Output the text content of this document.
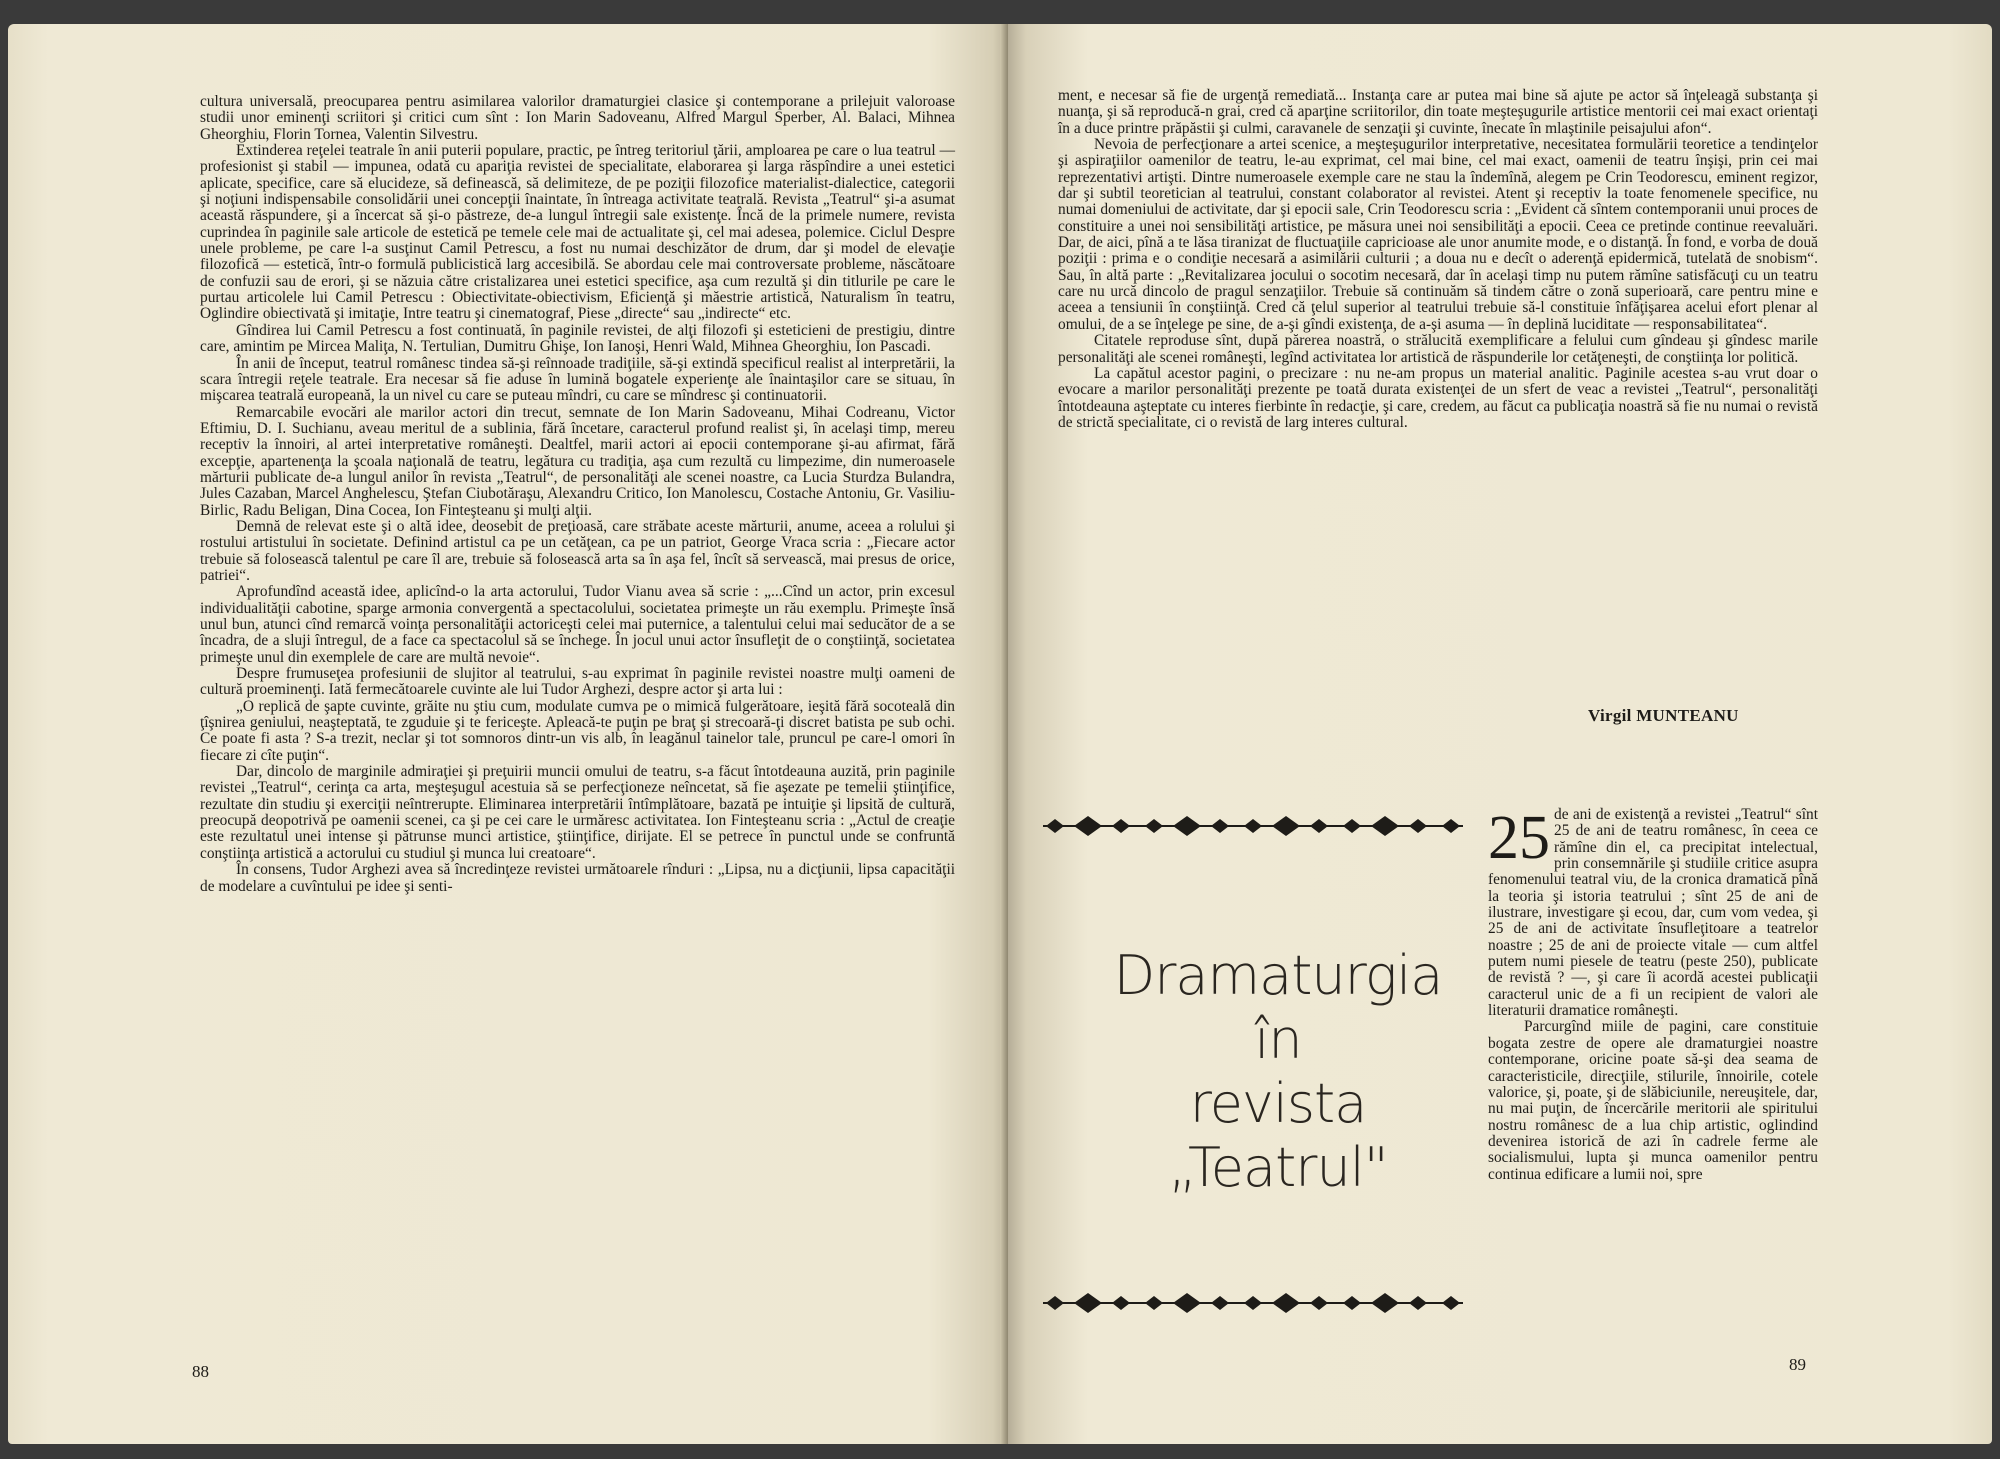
cultura universală, preocuparea pentru asimilarea valorilor dramaturgiei clasice şi contemporane a prilejuit valoroase studii unor eminenţi scriitori şi critici cum sînt : Ion Marin Sadoveanu, Alfred Margul Sperber, Al. Balaci, Mihnea Gheorghiu, Florin Tornea, Valentin Silvestru.

Extinderea reţelei teatrale în anii puterii populare, practic, pe întreg teritoriul ţării, amploarea pe care o lua teatrul — profesionist şi stabil — impunea, odată cu apariţia revistei de specialitate, elaborarea şi larga răspîndire a unei estetici aplicate, specifice, care să elucideze, să definească, să delimiteze, de pe poziţii filozofice materialist-dialectice, categorii şi noţiuni indispensabile consolidării unei concepţii înaintate, în întreaga activitate teatrală. Revista „Teatrul“ şi-a asumat această răspundere, şi a încercat să şi-o păstreze, de-a lungul întregii sale existenţe. Încă de la primele numere, revista cuprindea în paginile sale articole de estetică pe temele cele mai de actualitate şi, cel mai adesea, polemice. Ciclul Despre unele probleme, pe care l-a susţinut Camil Petrescu, a fost nu numai deschizător de drum, dar şi model de elevaţie filozofică — estetică, într-o formulă publicistică larg accesibilă. Se abordau cele mai controversate probleme, născătoare de confuzii sau de erori, şi se năzuia către cristalizarea unei estetici specifice, aşa cum rezultă şi din titlurile pe care le purtau articolele lui Camil Petrescu : Obiectivitate-obiectivism, Eficienţă şi măestrie artistică, Naturalism în teatru, Oglindire obiectivată şi imitaţie, Intre teatru şi cinematograf, Piese „directe“ sau „indirecte“ etc.

Gîndirea lui Camil Petrescu a fost continuată, în paginile revistei, de alţi filozofi şi esteticieni de prestigiu, dintre care, amintim pe Mircea Maliţa, N. Tertulian, Dumitru Ghişe, Ion Ianoşi, Henri Wald, Mihnea Gheorghiu, Ion Pascadi.

În anii de început, teatrul românesc tindea să-şi reînnoade tradiţiile, să-şi extindă specificul realist al interpretării, la scara întregii reţele teatrale. Era necesar să fie aduse în lumină bogatele experienţe ale înaintaşilor care se situau, în mişcarea teatrală europeană, la un nivel cu care se puteau mîndri, cu care se mîndresc şi continuatorii.

Remarcabile evocări ale marilor actori din trecut, semnate de Ion Marin Sadoveanu, Mihai Codreanu, Victor Eftimiu, D. I. Suchianu, aveau meritul de a sublinia, fără încetare, caracterul profund realist şi, în acelaşi timp, mereu receptiv la înnoiri, al artei interpretative româneşti. Dealtfel, marii actori ai epocii contemporane şi-au afirmat, fără excepţie, apartenenţa la şcoala naţională de teatru, legătura cu tradiţia, aşa cum rezultă cu limpezime, din numeroasele mărturii publicate de-a lungul anilor în revista „Teatrul“, de personalităţi ale scenei noastre, ca Lucia Sturdza Bulandra, Jules Cazaban, Marcel Anghelescu, Ştefan Ciubotăraşu, Alexandru Critico, Ion Manolescu, Costache Antoniu, Gr. Vasiliu-Birlic, Radu Beligan, Dina Cocea, Ion Finteşteanu şi mulţi alţii.

Demnă de relevat este şi o altă idee, deosebit de preţioasă, care străbate aceste mărturii, anume, aceea a rolului şi rostului artistului în societate. Definind artistul ca pe un cetăţean, ca pe un patriot, George Vraca scria : „Fiecare actor trebuie să folosească talentul pe care îl are, trebuie să folosească arta sa în aşa fel, încît să servească, mai presus de orice, patriei“.

Aprofundînd această idee, aplicînd-o la arta actorului, Tudor Vianu avea să scrie : „...Cînd un actor, prin excesul individualităţii cabotine, sparge armonia convergentă a spectacolului, societatea primeşte un rău exemplu. Primeşte însă unul bun, atunci cînd remarcă voinţa personalităţii actoriceşti celei mai puternice, a talentului celui mai seducător de a se încadra, de a sluji întregul, de a face ca spectacolul să se închege. În jocul unui actor însufleţit de o conştiinţă, societatea primeşte unul din exemplele de care are multă nevoie“.

Despre frumuseţea profesiunii de slujitor al teatrului, s-au exprimat în paginile revistei noastre mulţi oameni de cultură proeminenţi. Iată fermecătoarele cuvinte ale lui Tudor Arghezi, despre actor şi arta lui :

„O replică de şapte cuvinte, grăite nu ştiu cum, modulate cumva pe o mimică fulgerătoare, ieşită fără socoteală din ţîşnirea geniului, neaşteptată, te zguduie şi te fericeşte. Apleacă-te puţin pe braţ şi strecoară-ţi discret batista pe sub ochi. Ce poate fi asta ? S-a trezit, neclar şi tot somnoros dintr-un vis alb, în leagănul tainelor tale, pruncul pe care-l omori în fiecare zi cîte puţin“.

Dar, dincolo de marginile admiraţiei şi preţuirii muncii omului de teatru, s-a făcut întotdeauna auzită, prin paginile revistei „Teatrul“, cerinţa ca arta, meşteşugul acestuia să se perfecţioneze neîncetat, să fie aşezate pe temelii ştiinţifice, rezultate din studiu şi exerciţii neîntrerupte. Eliminarea interpretării întîmplătoare, bazată pe intuiţie şi lipsită de cultură, preocupă deopotrivă pe oamenii scenei, ca şi pe cei care le urmăresc activitatea. Ion Finteşteanu scria : „Actul de creaţie este rezultatul unei intense şi pătrunse munci artistice, ştiinţifice, dirijate. El se petrece în punctul unde se confruntă conştiinţa artistică a actorului cu studiul şi munca lui creatoare“.

În consens, Tudor Arghezi avea să încredinţeze revistei următoarele rînduri : „Lipsa, nu a dicţiunii, lipsa capacităţii de modelare a cuvîntului pe idee şi senti-

88

ment, e necesar să fie de urgenţă remediată... Instanţa care ar putea mai bine să ajute pe actor să înţeleagă substanţa şi nuanţa, şi să reproducă-n grai, cred că aparţine scriitorilor, din toate meşteşugurile artistice mentorii cei mai exact orientaţi în a duce printre prăpăstii şi culmi, caravanele de senzaţii şi cuvinte, înecate în mlaştinile peisajului afon“.

Nevoia de perfecţionare a artei scenice, a meşteşugurilor interpretative, necesitatea formulării teoretice a tendinţelor şi aspiraţiilor oamenilor de teatru, le-au exprimat, cel mai bine, cel mai exact, oamenii de teatru înşişi, prin cei mai reprezentativi artişti. Dintre numeroasele exemple care ne stau la îndemînă, alegem pe Crin Teodorescu, eminent regizor, dar şi subtil teoretician al teatrului, constant colaborator al revistei. Atent şi receptiv la toate fenomenele specifice, nu numai domeniului de activitate, dar şi epocii sale, Crin Teodorescu scria : „Evident că sîntem contemporanii unui proces de constituire a unei noi sensibilităţi artistice, pe măsura unei noi sensibilităţi a epocii. Ceea ce pretinde continue reevaluări. Dar, de aici, pînă a te lăsa tiranizat de fluctuaţiile capricioase ale unor anumite mode, e o distanţă. În fond, e vorba de două poziţii : prima e o condiţie necesară a asimilării culturii ; a doua nu e decît o aderenţă epidermică, tutelată de snobism“. Sau, în altă parte : „Revitalizarea jocului o socotim necesară, dar în acelaşi timp nu putem rămîne satisfăcuţi cu un teatru care nu urcă dincolo de pragul senzaţiilor. Trebuie să continuăm să tindem către o zonă superioară, care pentru mine e aceea a tensiunii în conştiinţă. Cred că ţelul superior al teatrului trebuie să-l constituie înfăţişarea acelui efort plenar al omului, de a se înţelege pe sine, de a-şi gîndi existenţa, de a-şi asuma — în deplină luciditate — responsabilitatea“.

Citatele reproduse sînt, după părerea noastră, o strălucită exemplificare a felului cum gîndeau şi gîndesc marile personalităţi ale scenei româneşti, legînd activitatea lor artistică de răspunderile lor cetăţeneşti, de conştiinţa lor politică.

La capătul acestor pagini, o precizare : nu ne-am propus un material analitic. Paginile acestea s-au vrut doar o evocare a marilor personalităţi prezente pe toată durata existenţei de un sfert de veac a revistei „Teatrul“, personalităţi întotdeauna aşteptate cu interes fierbinte în redacţie, şi care, credem, au făcut ca publicaţia noastră să fie nu numai o revistă de strictă specialitate, ci o revistă de larg interes cultural.

Virgil MUNTEANU
Dramaturgia
în
revista
„Teatrul"
25 de ani de existenţă a revistei „Teatrul“ sînt 25 de ani de teatru românesc, în ceea ce rămîne din el, ca precipitat intelectual, prin consemnările şi studiile critice asupra fenomenului teatral viu, de la cronica dramatică pînă la teoria şi istoria teatrului ; sînt 25 de ani de ilustrare, investigare şi ecou, dar, cum vom vedea, şi 25 de ani de activitate însufleţitoare a teatrelor noastre ; 25 de ani de proiecte vitale — cum altfel putem numi piesele de teatru (peste 250), publicate de revistă ? —, şi care îi acordă acestei publicaţii caracterul unic de a fi un recipient de valori ale literaturii dramatice româneşti.

Parcurgînd miile de pagini, care constituie bogata zestre de opere ale dramaturgiei noastre contemporane, oricine poate să-şi dea seama de caracteristicile, direcţiile, stilurile, înnoirile, cotele valorice, şi, poate, şi de slăbiciunile, nereuşitele, dar, nu mai puţin, de încercările meritorii ale spiritului nostru românesc de a lua chip artistic, oglindind devenirea istorică de azi în cadrele ferme ale socialismului, lupta şi munca oamenilor pentru continua edificare a lumii noi, spre

89
